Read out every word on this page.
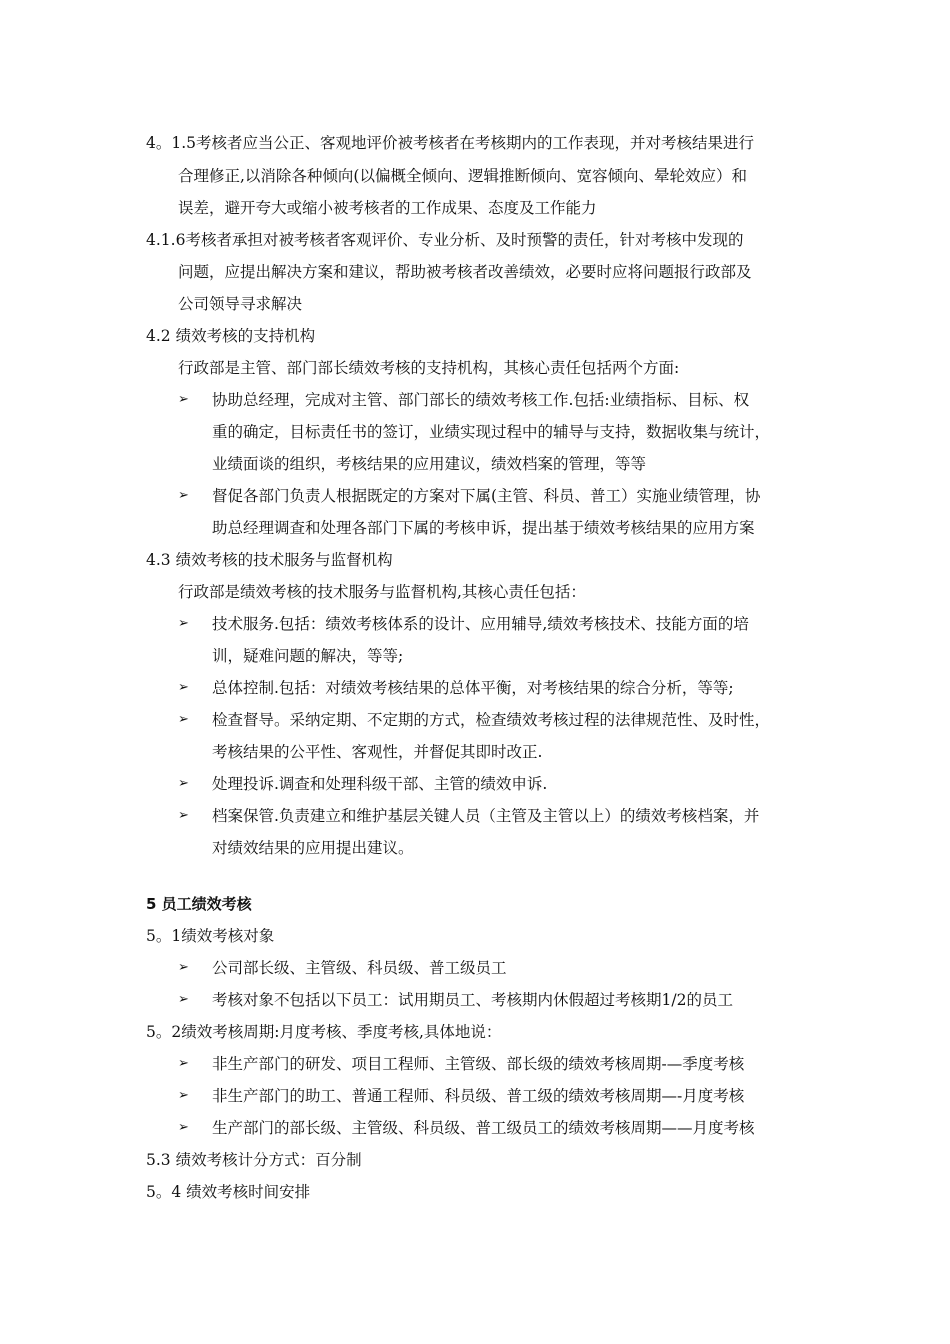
4。1.5考核者应当公正、客观地评价被考核者在考核期内的工作表现，并对考核结果进行
合理修正,以消除各种倾向(以偏概全倾向、逻辑推断倾向、宽容倾向、晕轮效应）和
误差，避开夸大或缩小被考核者的工作成果、态度及工作能力
4.1.6考核者承担对被考核者客观评价、专业分析、及时预警的责任，针对考核中发现的
问题，应提出解决方案和建议，帮助被考核者改善绩效，必要时应将问题报行政部及
公司领导寻求解决
4.2 绩效考核的支持机构
行政部是主管、部门部长绩效考核的支持机构，其核心责任包括两个方面:
➢ 协助总经理，完成对主管、部门部长的绩效考核工作.包括:业绩指标、目标、权
重的确定，目标责任书的签订，业绩实现过程中的辅导与支持，数据收集与统计，
业绩面谈的组织，考核结果的应用建议，绩效档案的管理，等等
➢ 督促各部门负责人根据既定的方案对下属(主管、科员、普工）实施业绩管理，协
助总经理调查和处理各部门下属的考核申诉，提出基于绩效考核结果的应用方案
4.3 绩效考核的技术服务与监督机构
行政部是绩效考核的技术服务与监督机构,其核心责任包括：
➢ 技术服务.包括：绩效考核体系的设计、应用辅导,绩效考核技术、技能方面的培
训，疑难问题的解决，等等;
➢ 总体控制.包括：对绩效考核结果的总体平衡，对考核结果的综合分析，等等;
➢ 检查督导。采纳定期、不定期的方式，检查绩效考核过程的法律规范性、及时性，
考核结果的公平性、客观性，并督促其即时改正.
➢ 处理投诉.调查和处理科级干部、主管的绩效申诉.
➢ 档案保管.负责建立和维护基层关键人员（主管及主管以上）的绩效考核档案，并
对绩效结果的应用提出建议。
5 员工绩效考核
5。1绩效考核对象
➢ 公司部长级、主管级、科员级、普工级员工
➢ 考核对象不包括以下员工：试用期员工、考核期内休假超过考核期1/2的员工
5。2绩效考核周期:月度考核、季度考核,具体地说：
➢ 非生产部门的研发、项目工程师、主管级、部长级的绩效考核周期-—季度考核
➢ 非生产部门的助工、普通工程师、科员级、普工级的绩效考核周期—-月度考核
➢ 生产部门的部长级、主管级、科员级、普工级员工的绩效考核周期——月度考核
5.3 绩效考核计分方式：百分制
5。4 绩效考核时间安排
